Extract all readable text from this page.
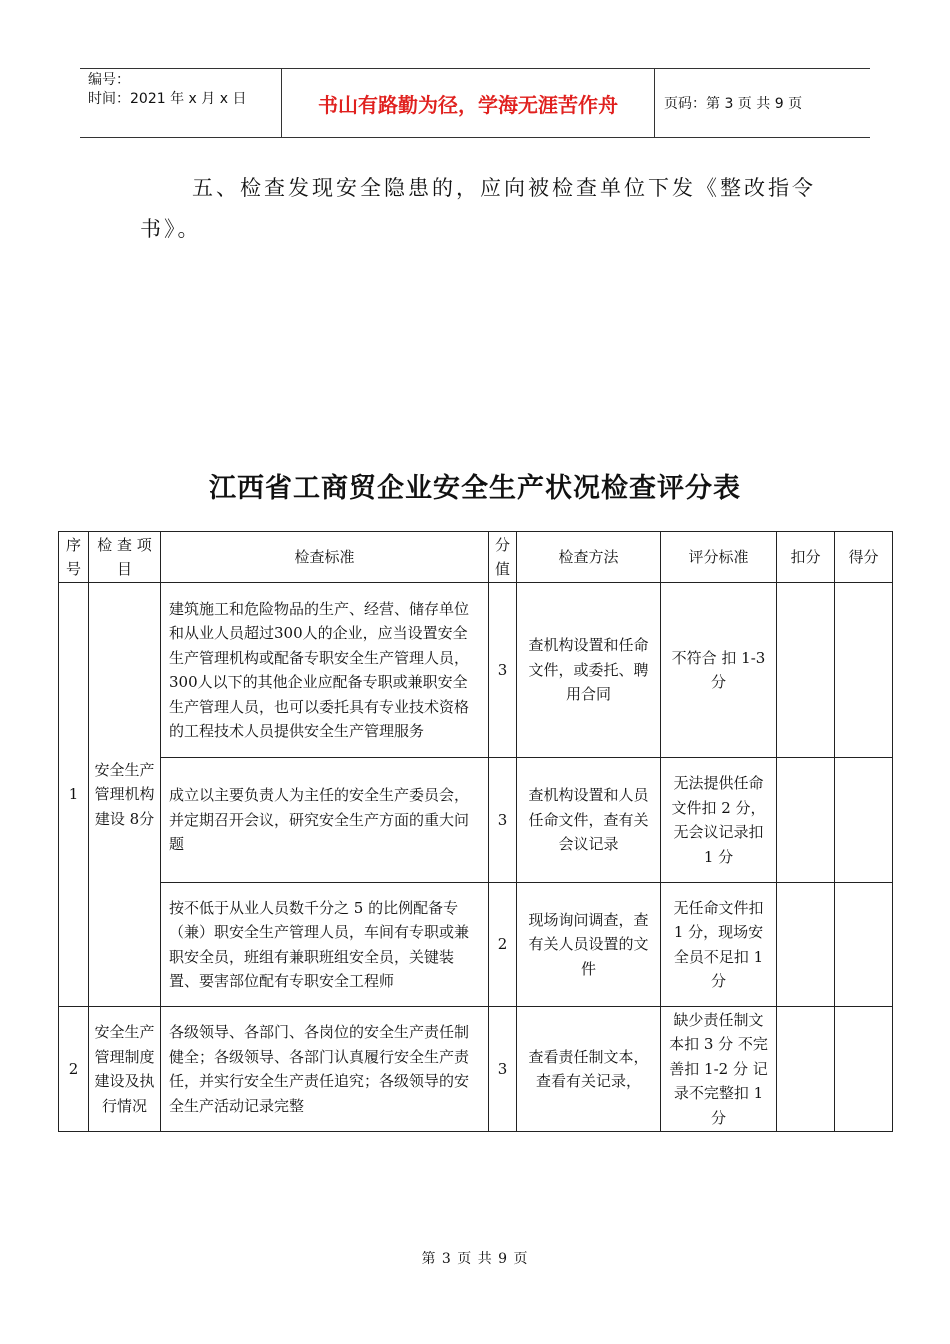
编号：
时间：2021 年 x 月 x 日	书山有路勤为径，学海无涯苦作舟	页码：第 3 页 共 9 页
五、检查发现安全隐患的，应向被检查单位下发《整改指令书》。
江西省工商贸企业安全生产状况检查评分表
序号	检 查 项 目	检查标准	分值	检查方法	评分标准	扣分	得分
1	安全生产管理机构建设 8分	建筑施工和危险物品的生产、经营、储存单位和从业人员超过300人的企业，应当设置安全生产管理机构或配备专职安全生产管理人员，300人以下的其他企业应配备专职或兼职安全生产管理人员，也可以委托具有专业技术资格的工程技术人员提供安全生产管理服务	3	查机构设置和任命文件，或委托、聘用合同	不符合 扣 1-3 分		
		成立以主要负责人为主任的安全生产委员会，并定期召开会议，研究安全生产方面的重大问题	3	查机构设置和人员任命文件，查有关会议记录	无法提供任命文件扣 2 分，无会议记录扣 1 分		
		按不低于从业人员数千分之 5 的比例配备专（兼）职安全生产管理人员，车间有专职或兼职安全员，班组有兼职班组安全员，关键装置、要害部位配有专职安全工程师	2	现场询问调查，查有关人员设置的文件	无任命文件扣 1 分，现场安全员不足扣 1 分		
2	安全生产管理制度建设及执行情况	各级领导、各部门、各岗位的安全生产责任制健全；各级领导、各部门认真履行安全生产责任，并实行安全生产责任追究；各级领导的安全生产活动记录完整	3	查看责任制文本，查看有关记录，	缺少责任制文本扣 3 分 不完善扣 1-2 分 记录不完整扣 1 分		
第 3 页 共 9 页
